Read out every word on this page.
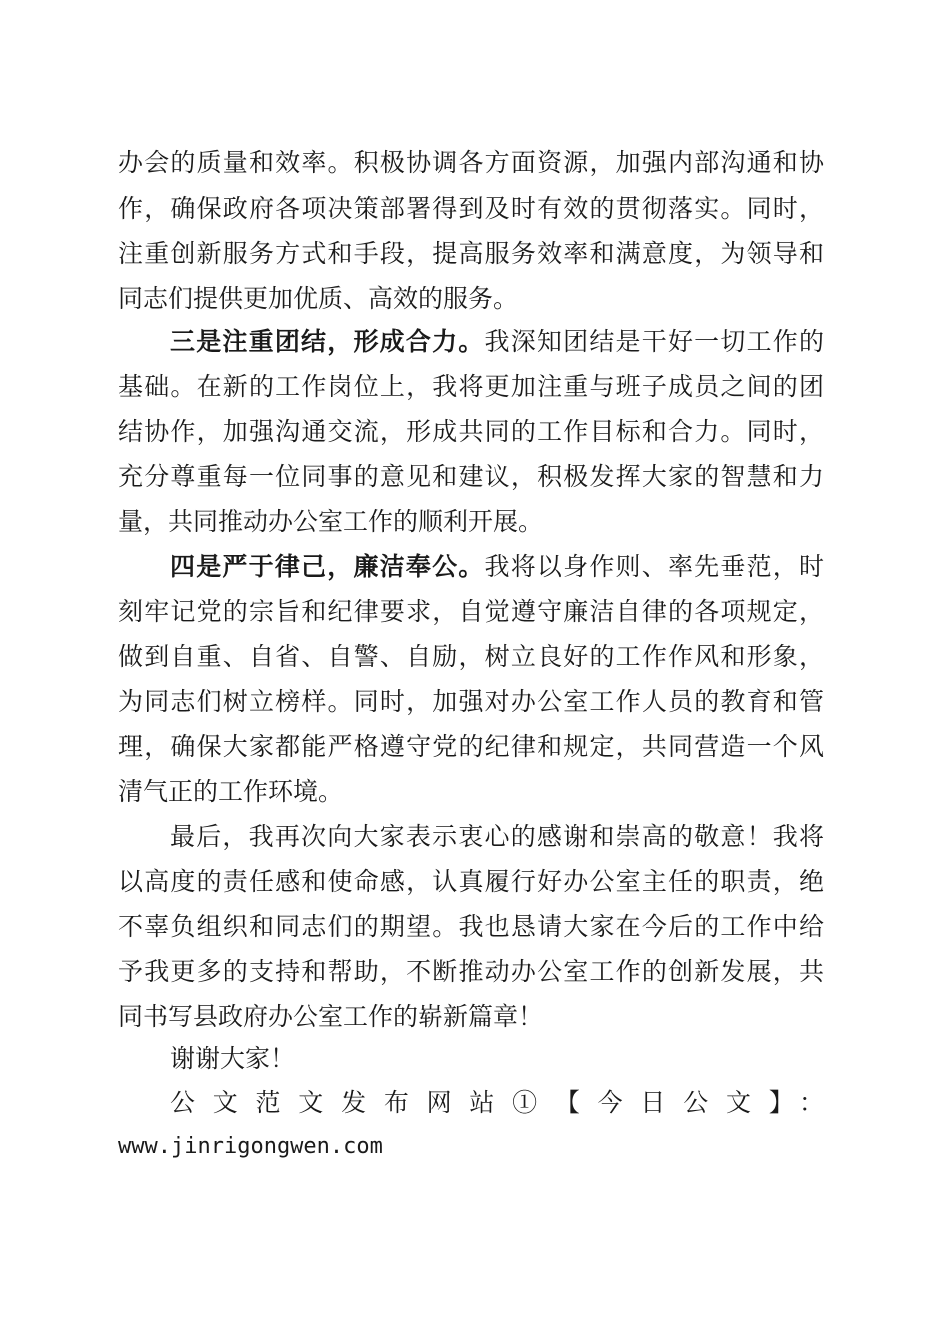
办会的质量和效率。积极协调各方面资源，加强内部沟通和协
作，确保政府各项决策部署得到及时有效的贯彻落实。同时，
注重创新服务方式和手段，提高服务效率和满意度，为领导和
同志们提供更加优质、高效的服务。
三是注重团结，形成合力。我深知团结是干好一切工作的
基础。在新的工作岗位上，我将更加注重与班子成员之间的团
结协作，加强沟通交流，形成共同的工作目标和合力。同时，
充分尊重每一位同事的意见和建议，积极发挥大家的智慧和力
量，共同推动办公室工作的顺利开展。
四是严于律己，廉洁奉公。我将以身作则、率先垂范，时
刻牢记党的宗旨和纪律要求，自觉遵守廉洁自律的各项规定，
做到自重、自省、自警、自励，树立良好的工作作风和形象，
为同志们树立榜样。同时，加强对办公室工作人员的教育和管
理，确保大家都能严格遵守党的纪律和规定，共同营造一个风
清气正的工作环境。
最后，我再次向大家表示衷心的感谢和崇高的敬意！我将
以高度的责任感和使命感，认真履行好办公室主任的职责，绝
不辜负组织和同志们的期望。我也恳请大家在今后的工作中给
予我更多的支持和帮助，不断推动办公室工作的创新发展，共
同书写县政府办公室工作的崭新篇章！
谢谢大家！
公文范文发布网站①【今日公文】：
www.jinrigongwen.com
